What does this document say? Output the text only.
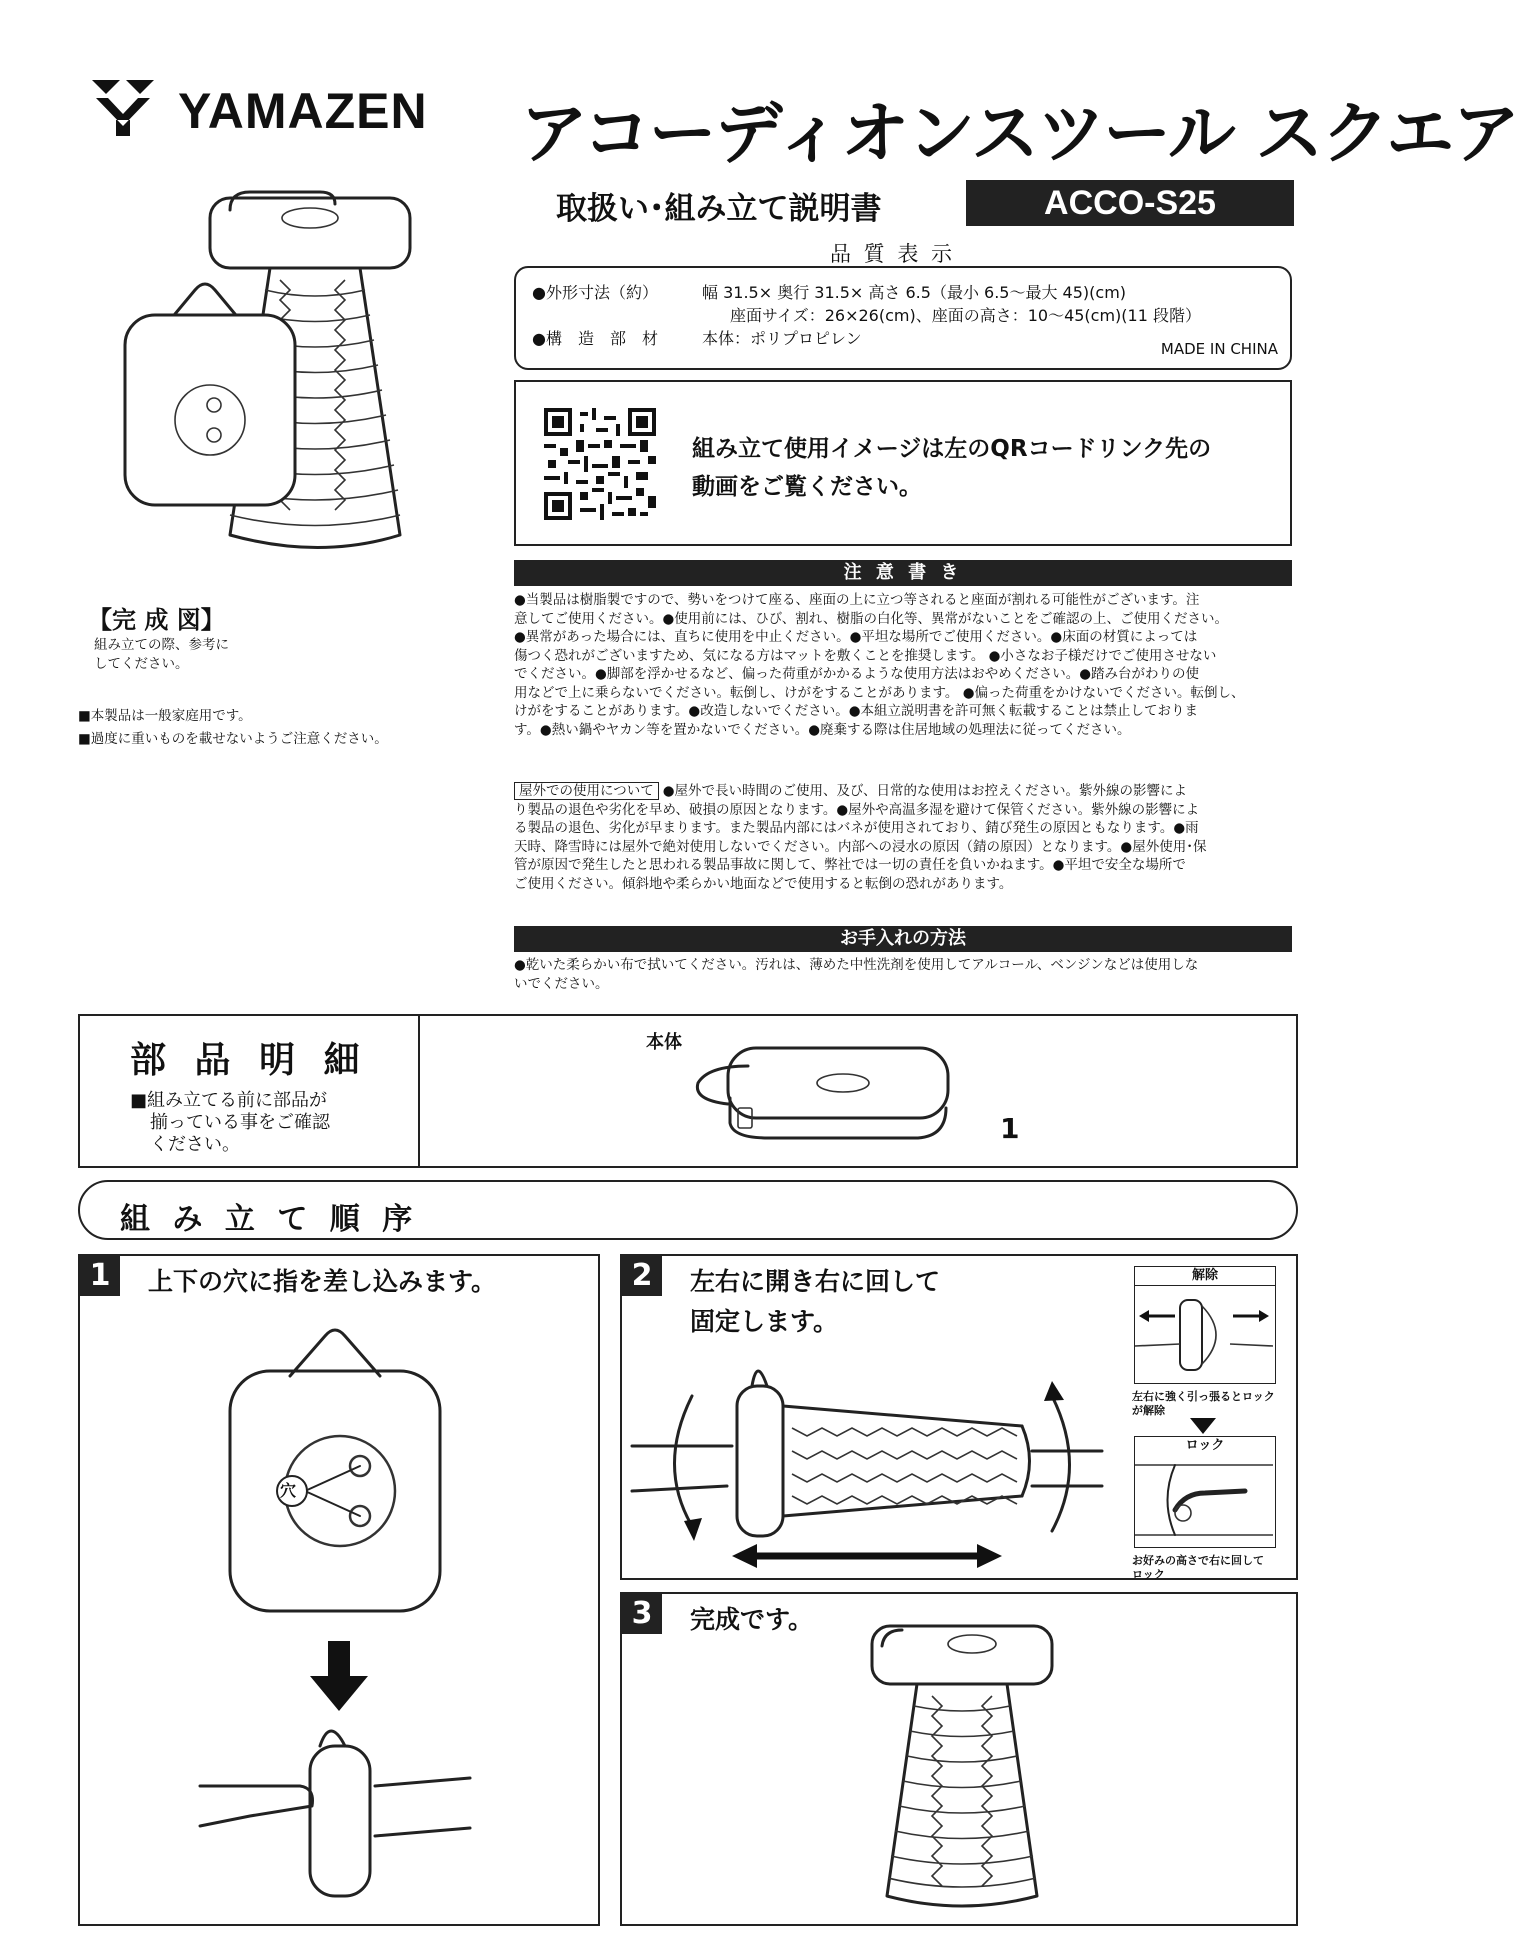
YAMAZEN アコーディオンスツール スクエア
取扱い･組み立て説明書	ACCO-S25
【完 成 図】
組み立ての際、参考に
してください。
■本製品は一般家庭用です。
■過度に重いものを載せないようご注意ください。
品 質 表 示
●外形寸法（約）	幅 31.5× 奥行 31.5× 高さ 6.5（最小 6.5～最大 45)(cm)
座面サイズ：26×26(cm)、座面の高さ：10～45(cm)(11 段階）
●構　造　部　材	本体：ポリプロピレン
MADE IN CHINA
組み立て使用イメージは左のQRコードリンク先の
動画をご覧ください。
注 意 書 き
●当製品は樹脂製ですので、勢いをつけて座る、座面の上に立つ等されると座面が割れる可能性がございます。注
意してご使用ください。●使用前には、ひび、割れ、樹脂の白化等、異常がないことをご確認の上、ご使用ください。
●異常があった場合には、直ちに使用を中止ください。●平坦な場所でご使用ください。●床面の材質によっては
傷つく恐れがございますため、気になる方はマットを敷くことを推奨します。 ●小さなお子様だけでご使用させない
でください。●脚部を浮かせるなど、偏った荷重がかかるような使用方法はおやめください。●踏み台がわりの使
用などで上に乗らないでください。転倒し、けがをすることがあります。 ●偏った荷重をかけないでください。転倒し、
けがをすることがあります。●改造しないでください。●本組立説明書を許可無く転載することは禁止しておりま
す。●熱い鍋やヤカン等を置かないでください。●廃棄する際は住居地域の処理法に従ってください。
屋外での使用について ●屋外で長い時間のご使用、及び、日常的な使用はお控えください。紫外線の影響によ
り製品の退色や劣化を早め、破損の原因となります。●屋外や高温多湿を避けて保管ください。紫外線の影響によ
る製品の退色、劣化が早まります。また製品内部にはバネが使用されており、錆び発生の原因ともなります。●雨
天時、降雪時には屋外で絶対使用しないでください。内部への浸水の原因（錆の原因）となります。●屋外使用･保
管が原因で発生したと思われる製品事故に関して、弊社では一切の責任を負いかねます。●平坦で安全な場所で
ご使用ください。傾斜地や柔らかい地面などで使用すると転倒の恐れがあります。
お手入れの方法
●乾いた柔らかい布で拭いてください。汚れは、薄めた中性洗剤を使用してアルコール、ベンジンなどは使用しな
いでください。
部 品 明 細
■組み立てる前に部品が
揃っている事をご確認
ください。
本体
1
組 み 立 て 順 序
1	上下の穴に指を差し込みます。
穴
2	左右に開き右に回して
固定します。
解除
左右に強く引っ張るとロック
が解除
ロック
お好みの高さで右に回して
ロック
3	完成です。
